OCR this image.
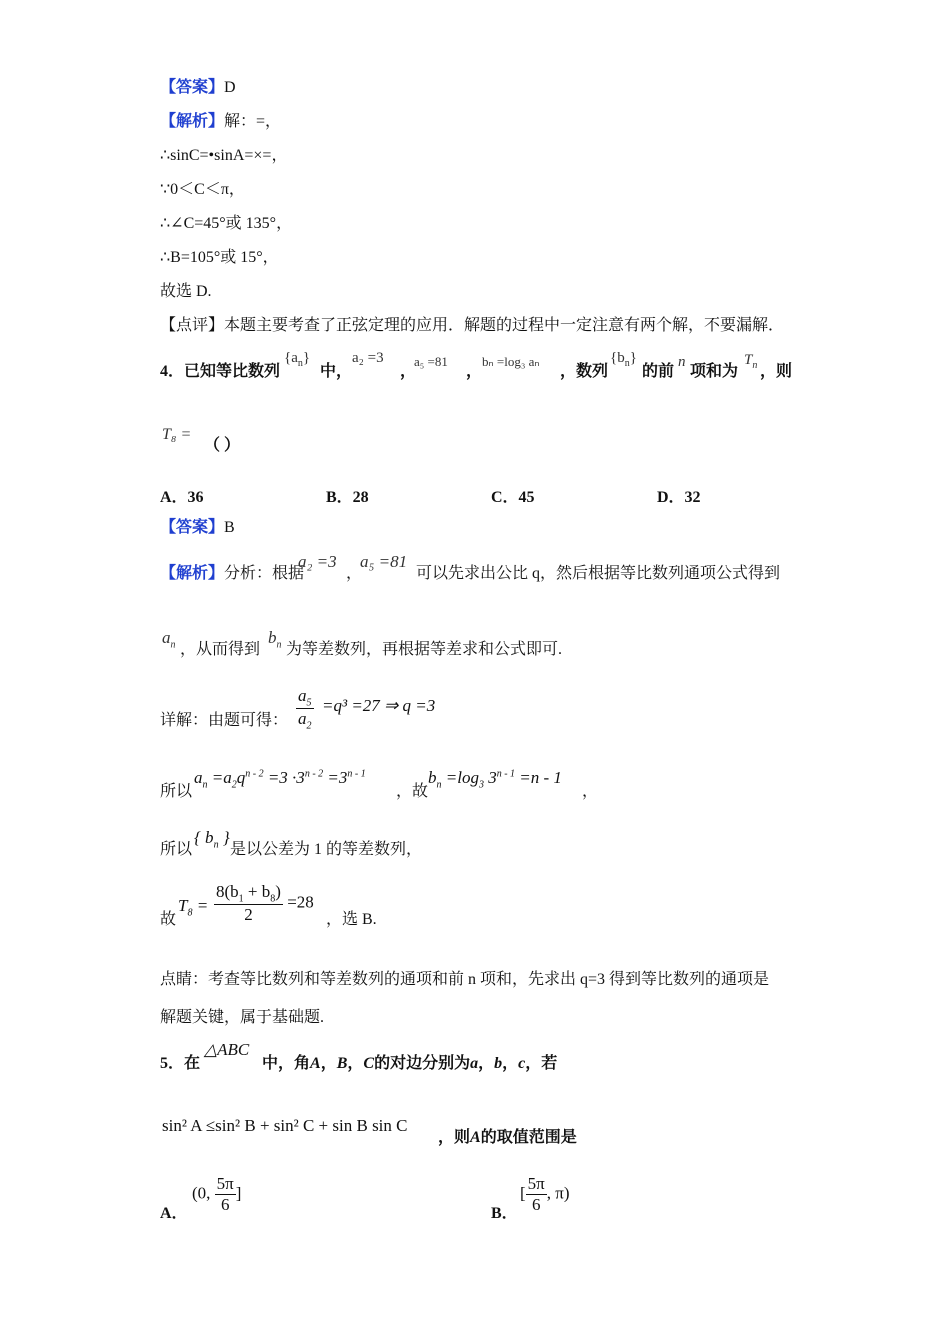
【答案】D
【解析】解：=，
∴sinC=•sinA=×=，
∵0＜C＜π，
∴∠C=45°或 135°，
∴B=105°或 15°，
故选 D.
【点评】本题主要考查了正弦定理的应用．解题的过程中一定注意有两个解，不要漏解．
4．已知等比数列
$\{a_n\}$
中，
a₂ =3
，
a₅ =81
，
bₙ =log₃ aₙ
，数列
$\{b_n\}$
的前
n
项和为
$T_n$ ，则
T₈ =
（ ）
A．36	B．28	C．45	D．32
【答案】B
【解析】分析：根据
a₂ =3
，
a₅ =81
可以先求出公比 q，然后根据等比数列通项公式得到
$a_n$ ，从而得到
$b_n$ 为等差数列，再根据等差求和公式即可.
详解：由题可得： $\frac{a_5}{a_2} =q^3 =27$ ⇒ q =3
所以
$a_n =a_2q^{n - 2} =3 \cdot 3^{n - 2} =3^{n - 1}$
，故
$b_n =\log_3$ $3^{n - 1} =n - 1$
，
所以
{ $b_n$ }
是以公差为 1 的等差数列，
故
$T_8 = \frac{8(b_1 + b_8)}{2} =28$
，选 B.
点睛：考查等比数列和等差数列的通项和前 n 项和，先求出 q=3 得到等比数列的通项是
解题关键，属于基础题.
5．在
△ABC
中，角A，B，C的对边分别为a，b，c，若
sin² A ≤sin² B + sin² C + sin B sin C
，则A的取值范围是
A．
(0, $\frac{5\pi}{6}$ ]
B．
[ $\frac{5\pi}{6}$ , π)
